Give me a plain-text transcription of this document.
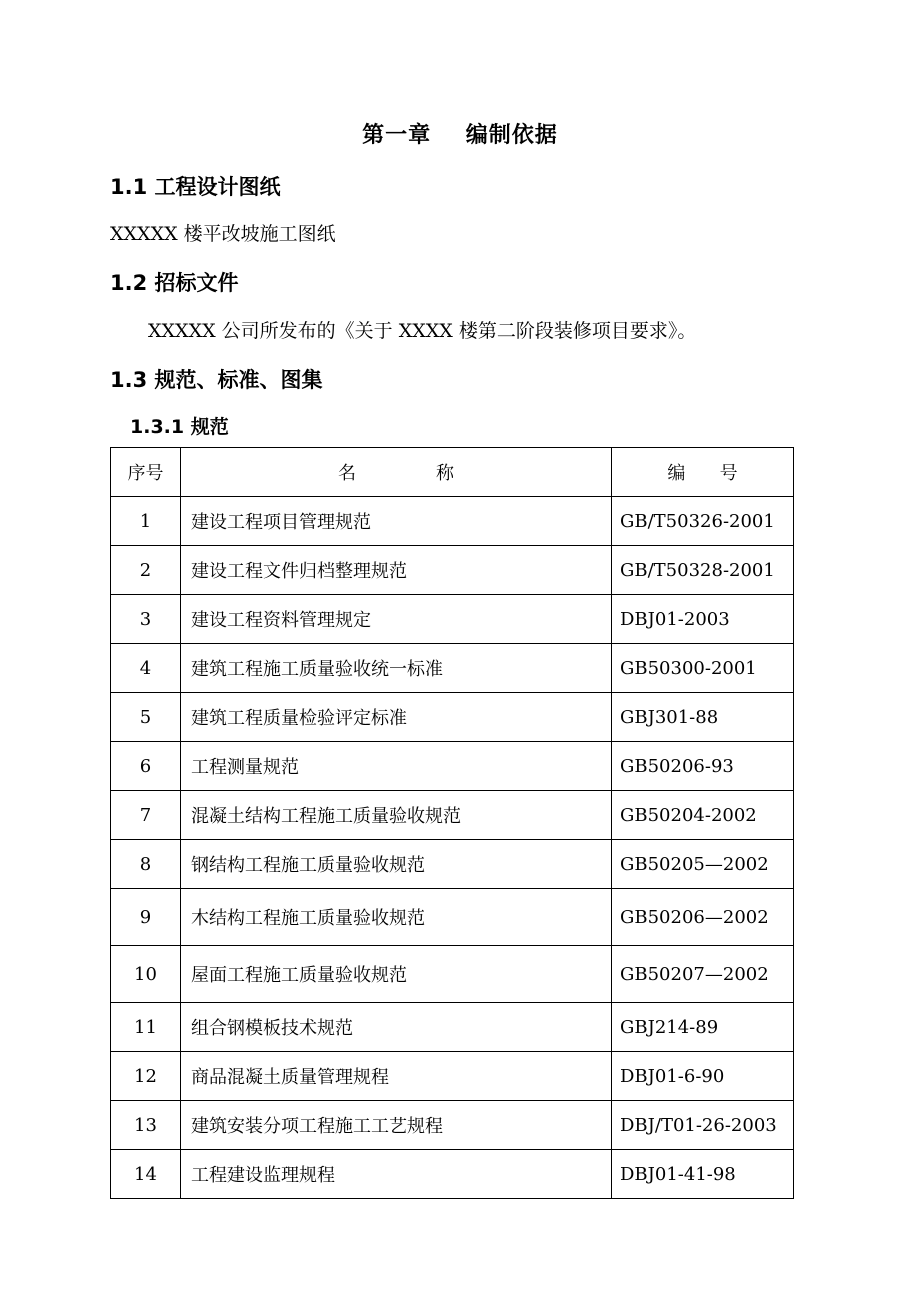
第一章    编制依据
1.1 工程设计图纸
XXXXX 楼平改坡施工图纸
1.2 招标文件
XXXXX 公司所发布的《关于 XXXX 楼第二阶段装修项目要求》。
1.3 规范、标准、图集
1.3.1 规范
序号	名              称	编      号
1	建设工程项目管理规范	GB/T50326-2001
2	建设工程文件归档整理规范	GB/T50328-2001
3	建设工程资料管理规定	DBJ01-2003
4	建筑工程施工质量验收统一标准	GB50300-2001
5	建筑工程质量检验评定标准	GBJ301-88
6	工程测量规范	GB50206-93
7	混凝土结构工程施工质量验收规范	GB50204-2002
8	钢结构工程施工质量验收规范	GB50205—2002
9	木结构工程施工质量验收规范	GB50206—2002
10	屋面工程施工质量验收规范	GB50207—2002
11	组合钢模板技术规范	GBJ214-89
12	商品混凝土质量管理规程	DBJ01-6-90
13	建筑安装分项工程施工工艺规程	DBJ/T01-26-2003
14	工程建设监理规程	DBJ01-41-98
